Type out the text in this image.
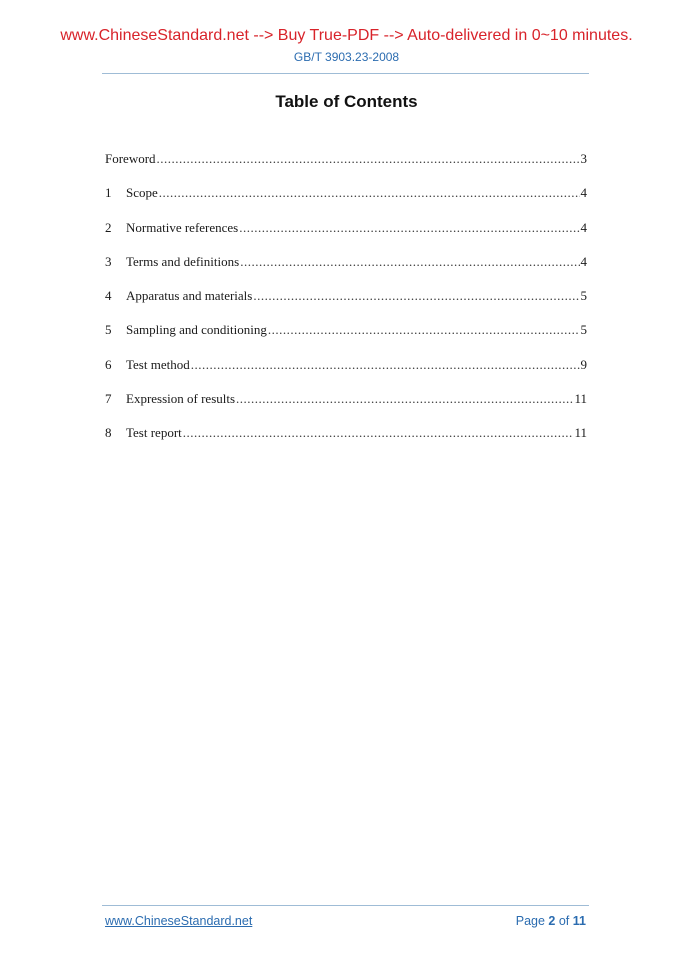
www.ChineseStandard.net --> Buy True-PDF --> Auto-delivered in 0~10 minutes.
GB/T 3903.23-2008
Table of Contents
Foreword .....	3
1	Scope .....	4
2	Normative references .....	4
3	Terms and definitions .....	4
4	Apparatus and materials .....	5
5	Sampling and conditioning .....	5
6	Test method .....	9
7	Expression of results .....	11
8	Test report .....	11
www.ChineseStandard.net	Page 2 of 11
